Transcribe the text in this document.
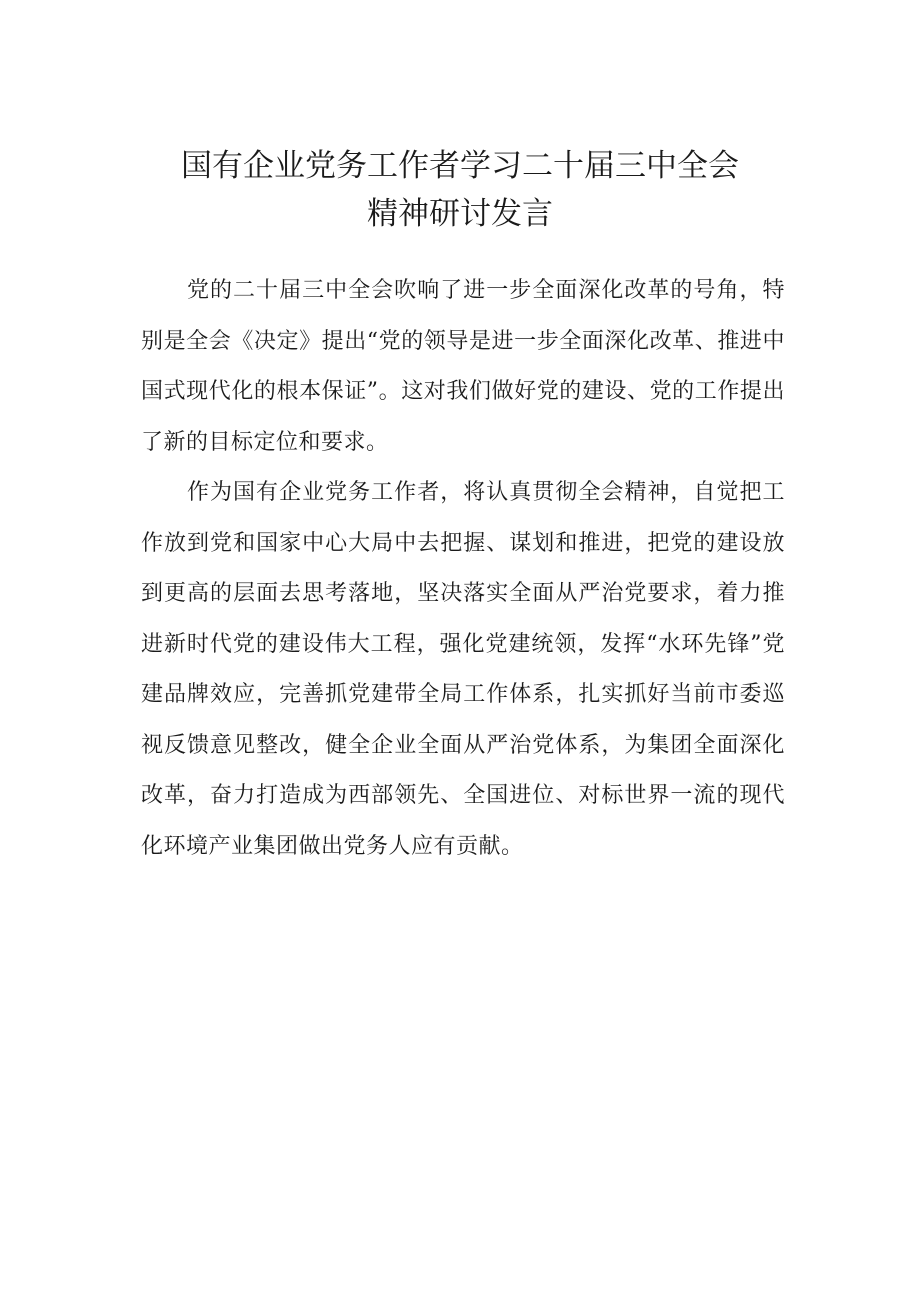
国有企业党务工作者学习二十届三中全会
精神研讨发言

党的二十届三中全会吹响了进一步全面深化改革的号角，特别是全会《决定》提出“党的领导是进一步全面深化改革、推进中国式现代化的根本保证”。这对我们做好党的建设、党的工作提出了新的目标定位和要求。

作为国有企业党务工作者，将认真贯彻全会精神，自觉把工作放到党和国家中心大局中去把握、谋划和推进，把党的建设放到更高的层面去思考落地，坚决落实全面从严治党要求，着力推进新时代党的建设伟大工程，强化党建统领，发挥“水环先锋”党建品牌效应，完善抓党建带全局工作体系，扎实抓好当前市委巡视反馈意见整改，健全企业全面从严治党体系，为集团全面深化改革，奋力打造成为西部领先、全国进位、对标世界一流的现代化环境产业集团做出党务人应有贡献。
